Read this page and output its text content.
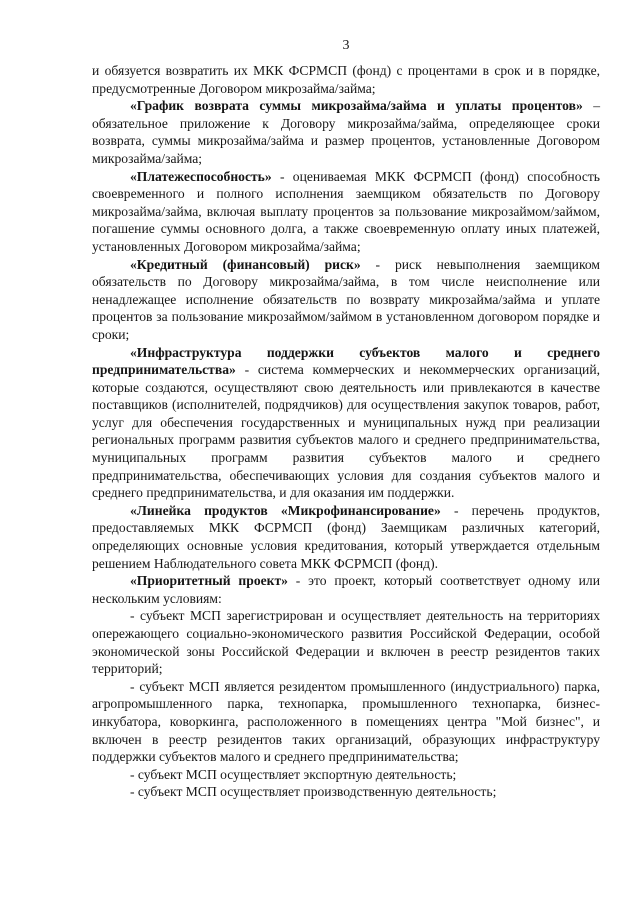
3

и обязуется возвратить их МКК ФСРМСП (фонд) с процентами в срок и в порядке, предусмотренные Договором микрозайма/займа;

«График возврата суммы микрозайма/займа и уплаты процентов» – обязательное приложение к Договору микрозайма/займа, определяющее сроки возврата, суммы микрозайма/займа и размер процентов, установленные Договором микрозайма/займа;

«Платежеспособность» - оцениваемая МКК ФСРМСП (фонд) способность своевременного и полного исполнения заемщиком обязательств по Договору микрозайма/займа, включая выплату процентов за пользование микрозаймом/займом, погашение суммы основного долга, а также своевременную оплату иных платежей, установленных Договором микрозайма/займа;

«Кредитный (финансовый) риск» - риск невыполнения заемщиком обязательств по Договору микрозайма/займа, в том числе неисполнение или ненадлежащее исполнение обязательств по возврату микрозайма/займа и уплате процентов за пользование микрозаймом/займом в установленном договором порядке и сроки;

«Инфраструктура поддержки субъектов малого и среднего предпринимательства» - система коммерческих и некоммерческих организаций, которые создаются, осуществляют свою деятельность или привлекаются в качестве поставщиков (исполнителей, подрядчиков) для осуществления закупок товаров, работ, услуг для обеспечения государственных и муниципальных нужд при реализации региональных программ развития субъектов малого и среднего предпринимательства, муниципальных программ развития субъектов малого и среднего предпринимательства, обеспечивающих условия для создания субъектов малого и среднего предпринимательства, и для оказания им поддержки.

«Линейка продуктов «Микрофинансирование» - перечень продуктов, предоставляемых МКК ФСРМСП (фонд) Заемщикам различных категорий, определяющих основные условия кредитования, который утверждается отдельным решением Наблюдательного совета МКК ФСРМСП (фонд).

«Приоритетный проект» - это проект, который соответствует одному или нескольким условиям:

- субъект МСП зарегистрирован и осуществляет деятельность на территориях опережающего социально-экономического развития Российской Федерации, особой экономической зоны Российской Федерации и включен в реестр резидентов таких территорий;

- субъект МСП является резидентом промышленного (индустриального) парка, агропромышленного парка, технопарка, промышленного технопарка, бизнес-инкубатора, коворкинга, расположенного в помещениях центра "Мой бизнес", и включен в реестр резидентов таких организаций, образующих инфраструктуру поддержки субъектов малого и среднего предпринимательства;

- субъект МСП осуществляет экспортную деятельность;

- субъект МСП осуществляет производственную деятельность;
